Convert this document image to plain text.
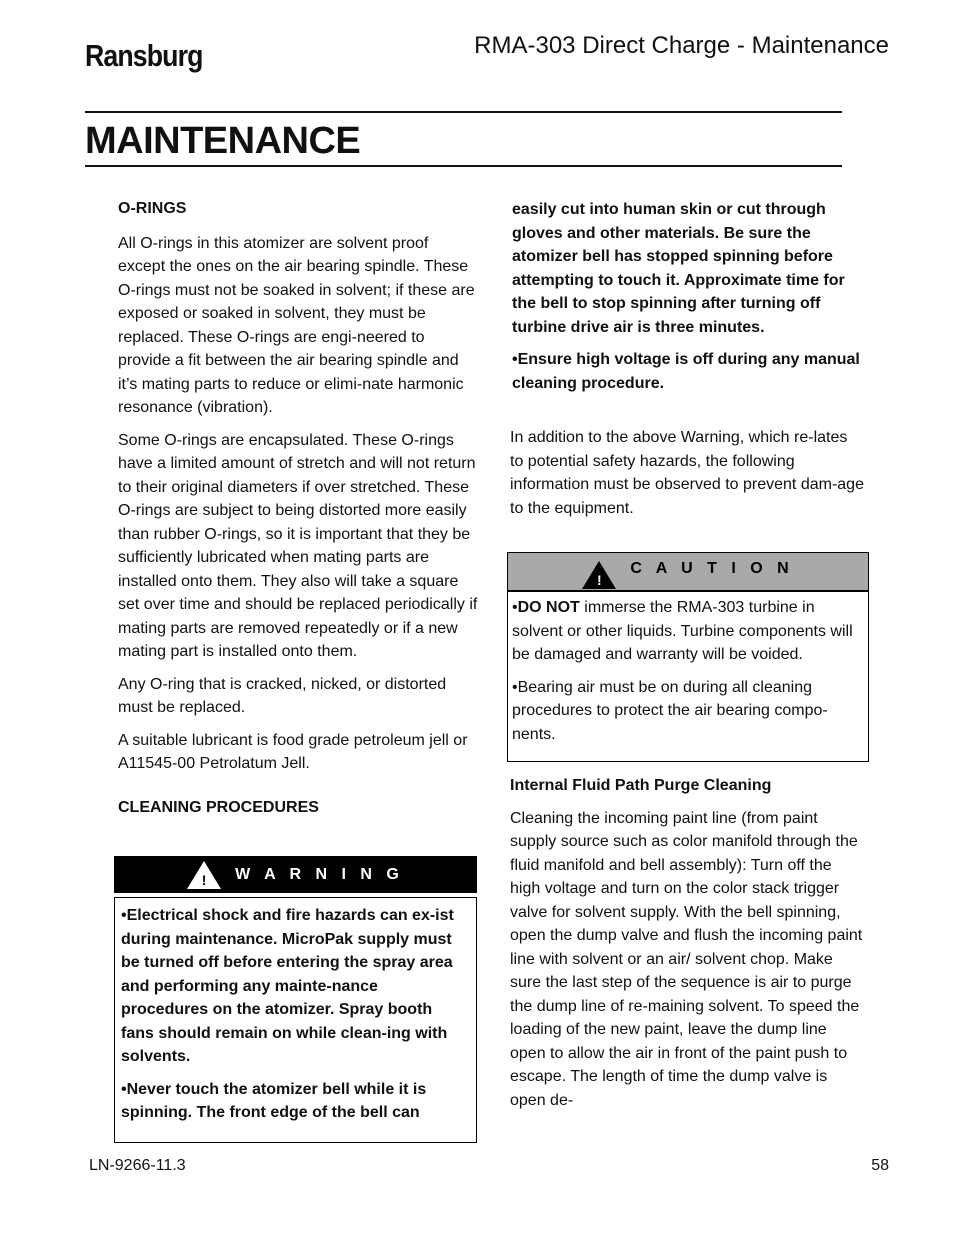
Ransburg	RMA-303 Direct Charge - Maintenance
MAINTENANCE

O-RINGS

All O-rings in this atomizer are solvent proof except the ones on the air bearing spindle. These O-rings must not be soaked in solvent; if these are exposed or soaked in solvent, they must be replaced. These O-rings are engi-neered to provide a fit between the air bearing spindle and it’s mating parts to reduce or elimi-nate harmonic resonance (vibration).

Some O-rings are encapsulated. These O-rings have a limited amount of stretch and will not return to their original diameters if over stretched. These O-rings are subject to being distorted more easily than rubber O-rings, so it is important that they be sufficiently lubricated when mating parts are installed onto them. They also will take a square set over time and should be replaced periodically if mating parts are removed repeatedly or if a new mating part is installed onto them.

Any O-ring that is cracked, nicked, or distorted must be replaced.

A suitable lubricant is food grade petroleum jell or A11545-00 Petrolatum Jell.

CLEANING PROCEDURES

!	W A R N I N G

•Electrical shock and fire hazards can ex-ist during maintenance. MicroPak supply must be turned off before entering the spray area and performing any mainte-nance procedures on the atomizer. Spray booth fans should remain on while clean-ing with solvents.

•Never touch the atomizer bell while it is spinning. The front edge of the bell can

easily cut into human skin or cut through gloves and other materials. Be sure the atomizer bell has stopped spinning before attempting to touch it. Approximate time for the bell to stop spinning after turning off turbine drive air is three minutes.

•Ensure high voltage is off during any manual cleaning procedure.

In addition to the above Warning, which re-lates to potential safety hazards, the following information must be observed to prevent dam-age to the equipment.
!
C A U T I O N

•DO NOT immerse the RMA-303 turbine in solvent or other liquids. Turbine components will be damaged and warranty will be voided.

•Bearing air must be on during all cleaning procedures to protect the air bearing compo-nents.

Internal Fluid Path Purge Cleaning

Cleaning the incoming paint line (from paint supply source such as color manifold through the fluid manifold and bell assembly): Turn off the high voltage and turn on the color stack trigger valve for solvent supply. With the bell spinning, open the dump valve and flush the incoming paint line with solvent or an air/ solvent chop. Make sure the last step of the sequence is air to purge the dump line of re-maining solvent. To speed the loading of the new paint, leave the dump line open to allow the air in front of the paint push to escape. The length of time the dump valve is open de-

LN-9266-11.3	58
